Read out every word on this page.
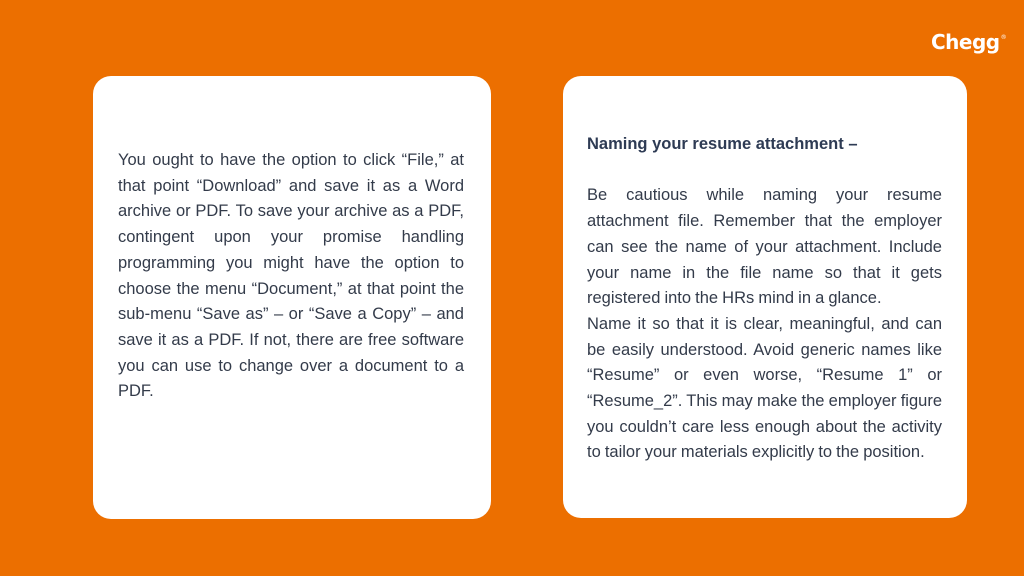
Chegg®

You ought to have the option to click “File,” at that point “Download” and save it as a Word archive or PDF. To save your archive as a PDF, contingent upon your promise handling programming you might have the option to choose the menu “Document,” at that point the sub-menu “Save as” – or “Save a Copy” – and save it as a PDF. If not, there are free software you can use to change over a document to a PDF.

Naming your resume attachment –

Be cautious while naming your resume attachment file. Remember that the employer can see the name of your attachment. Include your name in the file name so that it gets registered into the HRs mind in a glance.

Name it so that it is clear, meaningful, and can be easily understood. Avoid generic names like “Resume” or even worse, “Resume 1” or “Resume_2”. This may make the employer figure you couldn’t care less enough about the activity to tailor your materials explicitly to the position.
